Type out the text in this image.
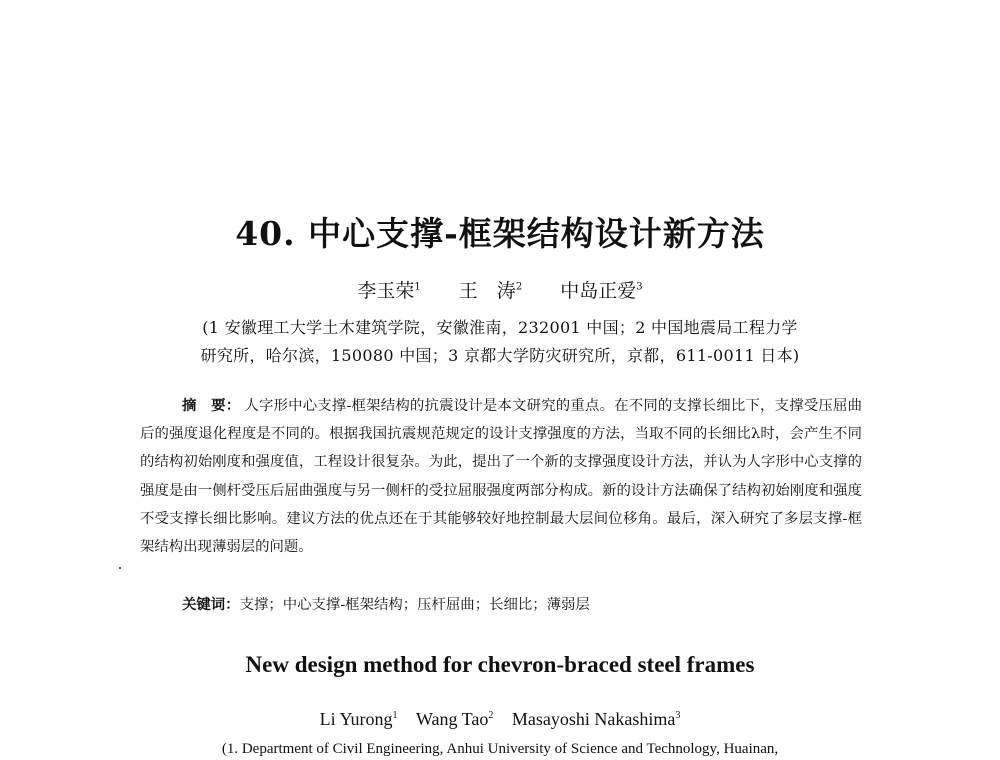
40. 中心支撑-框架结构设计新方法
李玉荣$^1$ 王　涛$^2$ 中岛正爱$^3$
(1 安徽理工大学土木建筑学院，安徽淮南，232001 中国；2 中国地震局工程力学
研究所，哈尔滨，150080 中国；3 京都大学防灾研究所，京都，611-0011 日本)
摘　要： 人字形中心支撑-框架结构的抗震设计是本文研究的重点。在不同的支撑长细比下，支撑受压屈曲后的强度退化程度是不同的。根据我国抗震规范规定的设计支撑强度的方法，当取不同的长细比λ时，会产生不同的结构初始刚度和强度值，工程设计很复杂。为此，提出了一个新的支撑强度设计方法，并认为人字形中心支撑的强度是由一侧杆受压后屈曲强度与另一侧杆的受拉屈服强度两部分构成。新的设计方法确保了结构初始刚度和强度不受支撑长细比影响。建议方法的优点还在于其能够较好地控制最大层间位移角。最后，深入研究了多层支撑-框架结构出现薄弱层的问题。
关键词：支撑；中心支撑-框架结构；压杆屈曲；长细比；薄弱层
New design method for chevron-braced steel frames
Li Yurong$^1$ Wang Tao$^2$ Masayoshi Nakashima$^3$
(1. Department of Civil Engineering, Anhui University of Science and Technology, Huainan,
